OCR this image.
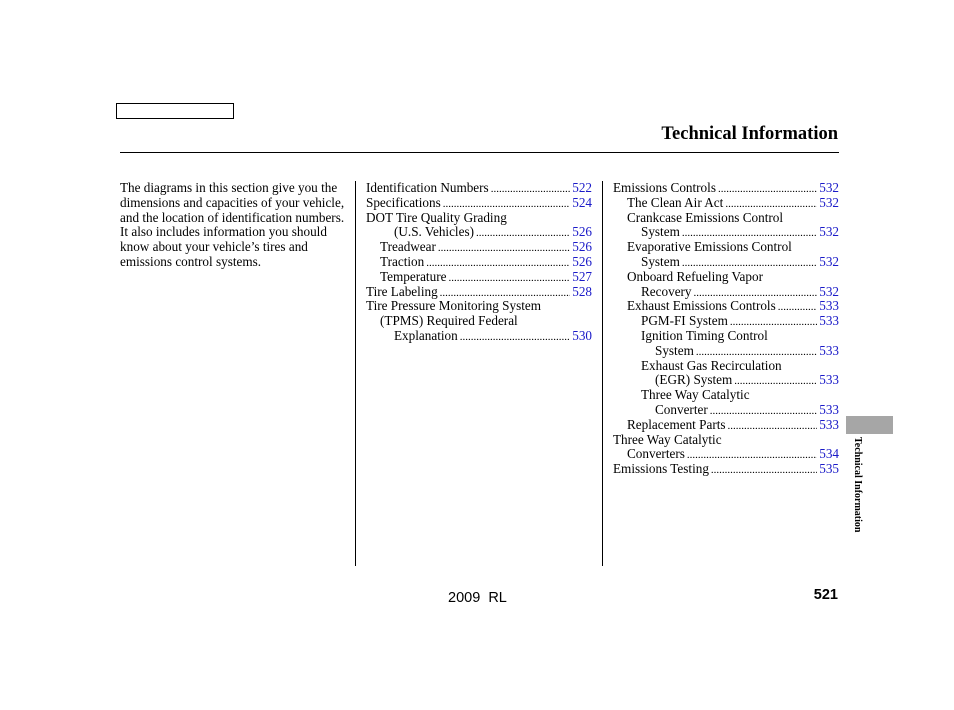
Technical Information
The diagrams in this section give you the dimensions and capacities of your vehicle, and the location of identification numbers. It also includes information you should know about your vehicle’s tires and emissions control systems.
Identification Numbers .....	522
Specifications .....	524
DOT Tire Quality Grading
(U.S. Vehicles) .....	526
Treadwear .....	526
Traction .....	526
Temperature .....	527
Tire Labeling .....	528
Tire Pressure Monitoring System
(TPMS) Required Federal
Explanation .....	530
Emissions Controls .....	532
The Clean Air Act .....	532
Crankcase Emissions Control
System .....	532
Evaporative Emissions Control
System .....	532
Onboard Refueling Vapor
Recovery .....	532
Exhaust Emissions Controls .....	533
PGM-FI System .....	533
Ignition Timing Control
System .....	533
Exhaust Gas Recirculation
(EGR) System .....	533
Three Way Catalytic
Converter .....	533
Replacement Parts .....	533
Three Way Catalytic
Converters .....	534
Emissions Testing .....	535 Technical Information
2009  RL	521
